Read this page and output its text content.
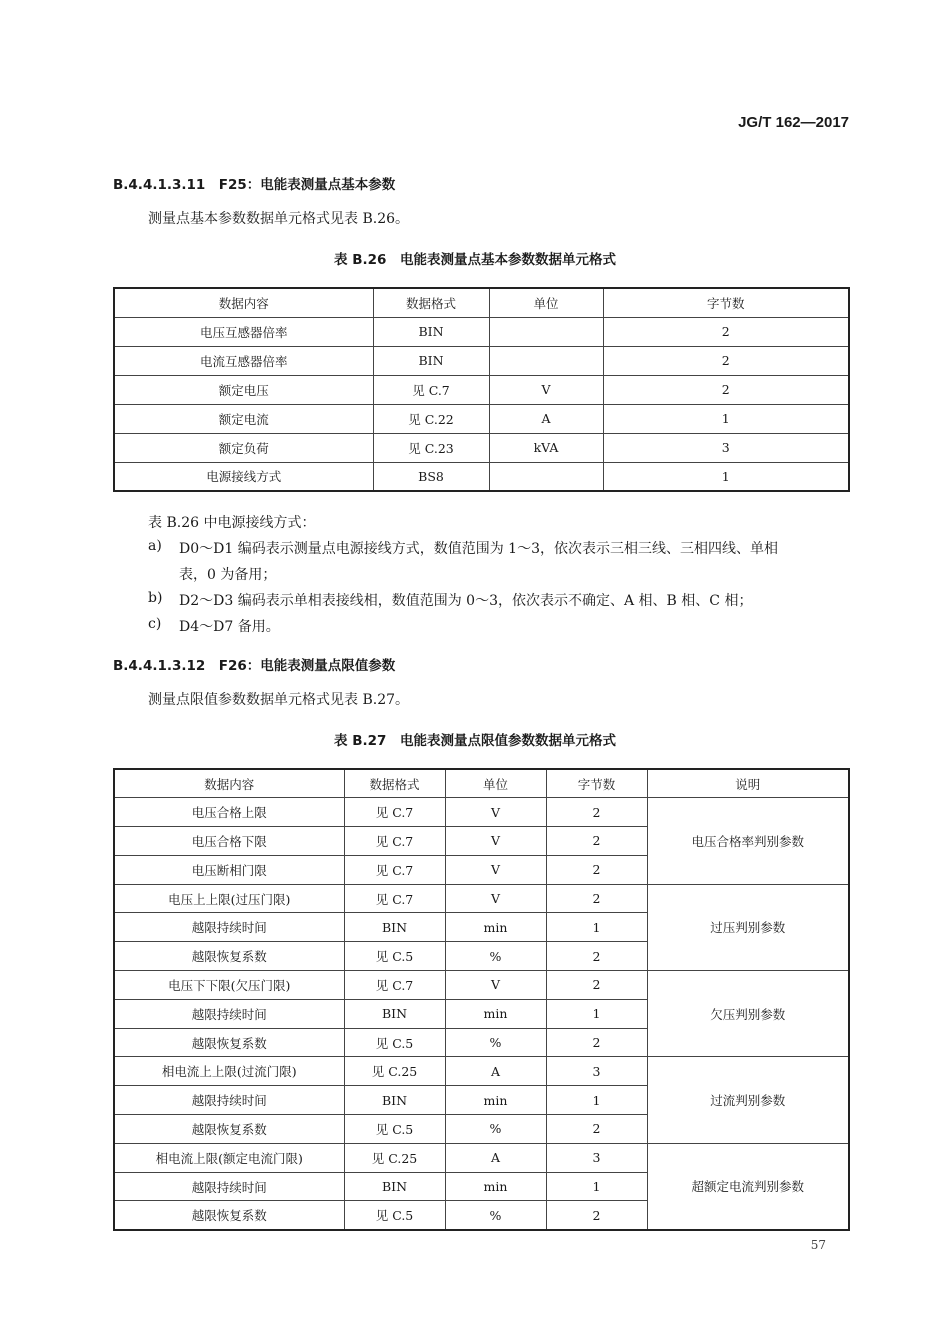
JG/T 162—2017
B.4.4.1.3.11　F25：电能表测量点基本参数
测量点基本参数数据单元格式见表 B.26。
表 B.26　电能表测量点基本参数数据单元格式
数据内容	数据格式	单位	字节数
电压互感器倍率	BIN		2
电流互感器倍率	BIN		2
额定电压	见 C.7	V	2
额定电流	见 C.22	A	1
额定负荷	见 C.23	kVA	3
电源接线方式	BS8		1
表 B.26 中电源接线方式：
a) D0～D1 编码表示测量点电源接线方式，数值范围为 1～3，依次表示三相三线、三相四线、单相
表，0 为备用；
b) D2～D3 编码表示单相表接线相，数值范围为 0～3，依次表示不确定、A 相、B 相、C 相；
c) D4～D7 备用。
B.4.4.1.3.12　F26：电能表测量点限值参数
测量点限值参数数据单元格式见表 B.27。
表 B.27　电能表测量点限值参数数据单元格式
数据内容	数据格式	单位	字节数	说明
电压合格上限	见 C.7	V	2	电压合格率判别参数
电压合格下限	见 C.7	V	2	
电压断相门限	见 C.7	V	2	
电压上上限(过压门限)	见 C.7	V	2	过压判别参数
越限持续时间	BIN	min	1	
越限恢复系数	见 C.5	%	2	
电压下下限(欠压门限)	见 C.7	V	2	欠压判别参数
越限持续时间	BIN	min	1	
越限恢复系数	见 C.5	%	2	
相电流上上限(过流门限)	见 C.25	A	3	过流判别参数
越限持续时间	BIN	min	1	
越限恢复系数	见 C.5	%	2	
相电流上限(额定电流门限)	见 C.25	A	3	超额定电流判别参数
越限持续时间	BIN	min	1	
越限恢复系数	见 C.5	%	2	
57
